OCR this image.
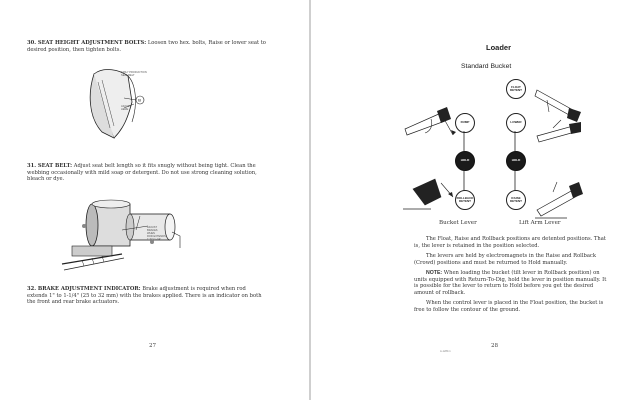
30. SEAT HEIGHT ADJUSTMENT BOLTS: Loosen two hex. bolts, Raise or lower seat to desired position, then tighten bolts.
B
EMILY PRODUCTION
SEAT BELT
ADJUST
HERE
31. SEAT BELT: Adjust seat belt length so it fits snugly without being tight. Clean the webbing occasionally with mild soap or detergent. Do not use strong cleaning solution, bleach or dye.
ADJUST
BRAKES
WHEN
ROD EXTENDS
1" TO 1-1/4"
32. BRAKE ADJUSTMENT INDICATOR: Brake adjustment is required when rod extends 1" to 1-1/4" (25 to 32 mm) with the brakes applied. There is an indicator on both the front and rear brake actuators.
27
Loader
Standard Bucket
FLOAT DETENT
DUMP	LOWER
HOLD	HOLD
ROLLBACK DETENT
RAISE DETENT
Bucket Lever	Lift Arm Lever
The Float, Raise and Rollback positions are detented positions. That is, the lever is retained in the position selected.
The levers are held by electromagnets in the Raise and Rollback (Crowd) positions and must be returned to Hold manually.
NOTE: When loading the bucket (tilt lever in Rollback position) on units equipped with Return-To-Dig, hold the lever in position manually. It is possible for the lever to return to Hold before you get the desired amount of rollback.
When the control lever is placed in the Float position, the bucket is free to follow the contour of the ground.
28
A-1280-1
